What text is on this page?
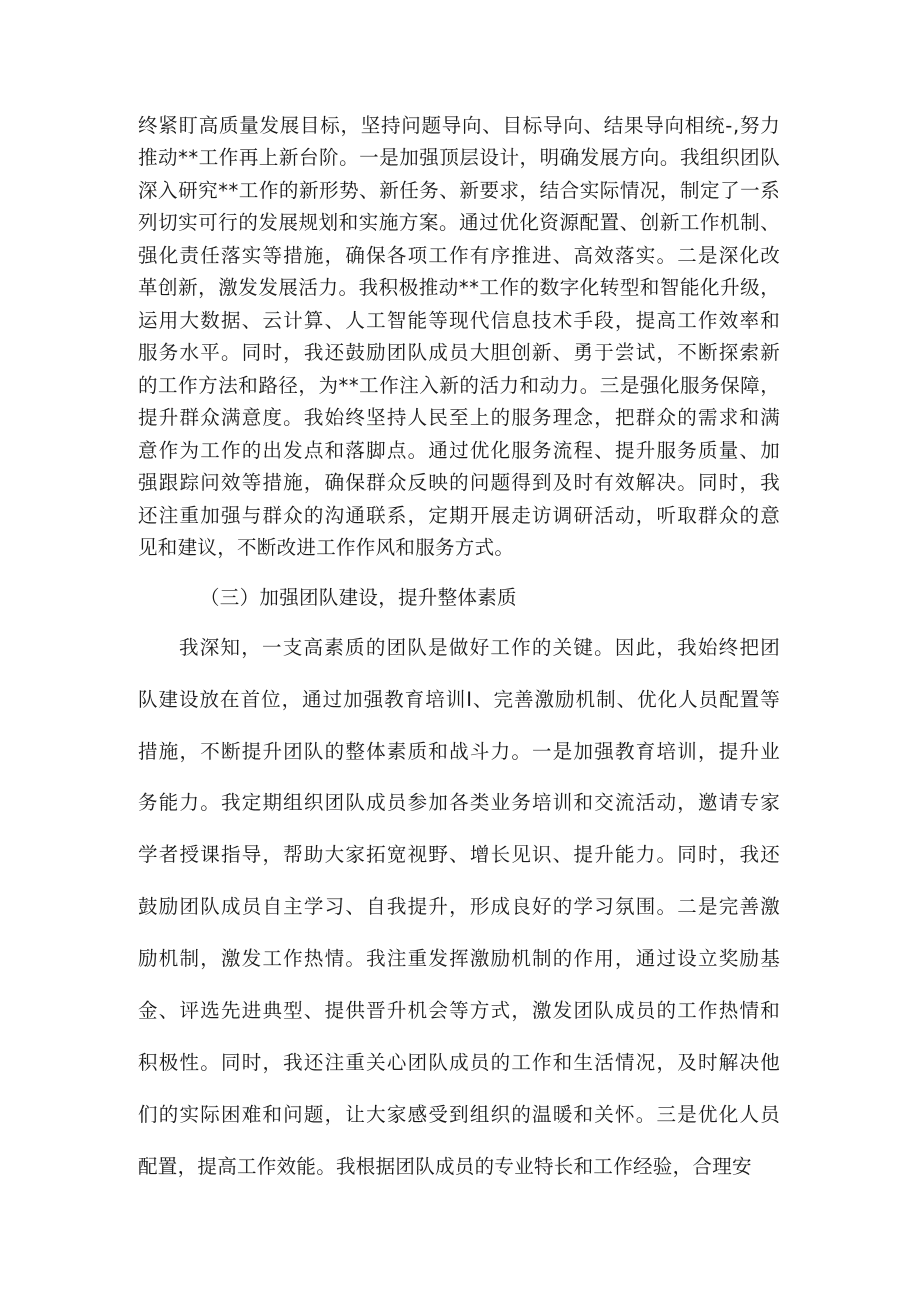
终紧盯高质量发展目标，坚持问题导向、目标导向、结果导向相统-,努力
推动**工作再上新台阶。一是加强顶层设计，明确发展方向。我组织团队
深入研究**工作的新形势、新任务、新要求，结合实际情况，制定了一系
列切实可行的发展规划和实施方案。通过优化资源配置、创新工作机制、
强化责任落实等措施，确保各项工作有序推进、高效落实。二是深化改
革创新，激发发展活力。我积极推动**工作的数字化转型和智能化升级，
运用大数据、云计算、人工智能等现代信息技术手段，提高工作效率和
服务水平。同时，我还鼓励团队成员大胆创新、勇于尝试，不断探索新
的工作方法和路径，为**工作注入新的活力和动力。三是强化服务保障，
提升群众满意度。我始终坚持人民至上的服务理念，把群众的需求和满
意作为工作的出发点和落脚点。通过优化服务流程、提升服务质量、加
强跟踪问效等措施，确保群众反映的问题得到及时有效解决。同时，我
还注重加强与群众的沟通联系，定期开展走访调研活动，听取群众的意
见和建议，不断改进工作作风和服务方式。
（三）加强团队建设，提升整体素质
我深知，一支高素质的团队是做好工作的关键。因此，我始终把团
队建设放在首位，通过加强教育培训I、完善激励机制、优化人员配置等
措施，不断提升团队的整体素质和战斗力。一是加强教育培训，提升业
务能力。我定期组织团队成员参加各类业务培训和交流活动，邀请专家
学者授课指导，帮助大家拓宽视野、增长见识、提升能力。同时，我还
鼓励团队成员自主学习、自我提升，形成良好的学习氛围。二是完善激
励机制，激发工作热情。我注重发挥激励机制的作用，通过设立奖励基
金、评选先进典型、提供晋升机会等方式，激发团队成员的工作热情和
积极性。同时，我还注重关心团队成员的工作和生活情况，及时解决他
们的实际困难和问题，让大家感受到组织的温暖和关怀。三是优化人员
配置，提高工作效能。我根据团队成员的专业特长和工作经验，合理安
